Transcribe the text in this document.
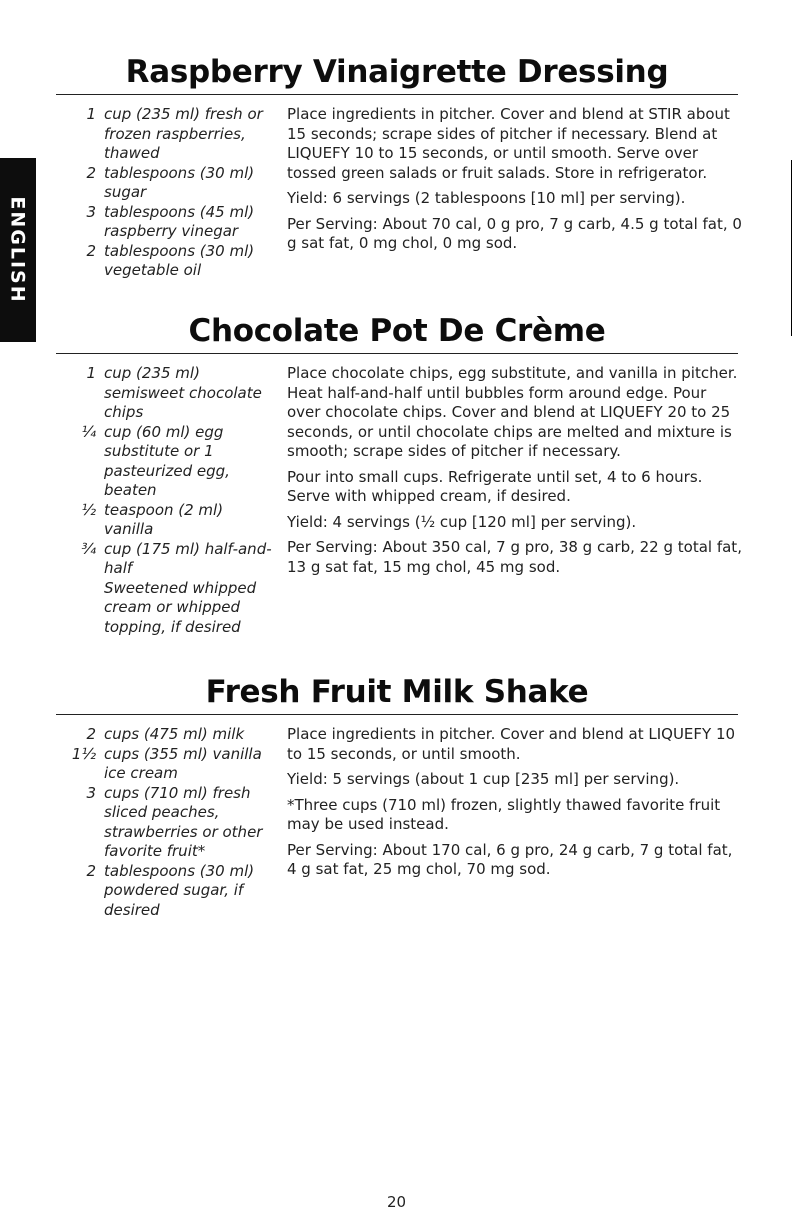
ENGLISH
Raspberry Vinaigrette Dressing
1 cup (235 ml) fresh or frozen raspberries, thawed
2 tablespoons (30 ml) sugar
3 tablespoons (45 ml) raspberry vinegar
2 tablespoons (30 ml) vegetable oil

Place ingredients in pitcher. Cover and blend at STIR about 15 seconds; scrape sides of pitcher if necessary. Blend at LIQUEFY 10 to 15 seconds, or until smooth. Serve over tossed green salads or fruit salads. Store in refrigerator.

Yield: 6 servings (2 tablespoons [10 ml] per serving).

Per Serving: About 70 cal, 0 g pro, 7 g carb, 4.5 g total fat, 0 g sat fat, 0 mg chol, 0 mg sod.

Chocolate Pot De Crème
1 cup (235 ml) semisweet chocolate chips
¼ cup (60 ml) egg substitute or 1 pasteurized egg, beaten
½ teaspoon (2 ml) vanilla
¾ cup (175 ml) half-and-half
Sweetened whipped cream or whipped topping, if desired

Place chocolate chips, egg substitute, and vanilla in pitcher. Heat half-and-half until bubbles form around edge. Pour over chocolate chips. Cover and blend at LIQUEFY 20 to 25 seconds, or until chocolate chips are melted and mixture is smooth; scrape sides of pitcher if necessary.

Pour into small cups. Refrigerate until set, 4 to 6 hours. Serve with whipped cream, if desired.

Yield: 4 servings (½ cup [120 ml] per serving).

Per Serving: About 350 cal, 7 g pro, 38 g carb, 22 g total fat, 13 g sat fat, 15 mg chol, 45 mg sod.

Fresh Fruit Milk Shake
2 cups (475 ml) milk
1½ cups (355 ml) vanilla ice cream
3 cups (710 ml) fresh sliced peaches, strawberries or other favorite fruit*
2 tablespoons (30 ml) powdered sugar, if desired

Place ingredients in pitcher. Cover and blend at LIQUEFY 10 to 15 seconds, or until smooth.

Yield: 5 servings (about 1 cup [235 ml] per serving).

*Three cups (710 ml) frozen, slightly thawed favorite fruit may be used instead.

Per Serving: About 170 cal, 6 g pro, 24 g carb, 7 g total fat, 4 g sat fat, 25 mg chol, 70 mg sod.

20
